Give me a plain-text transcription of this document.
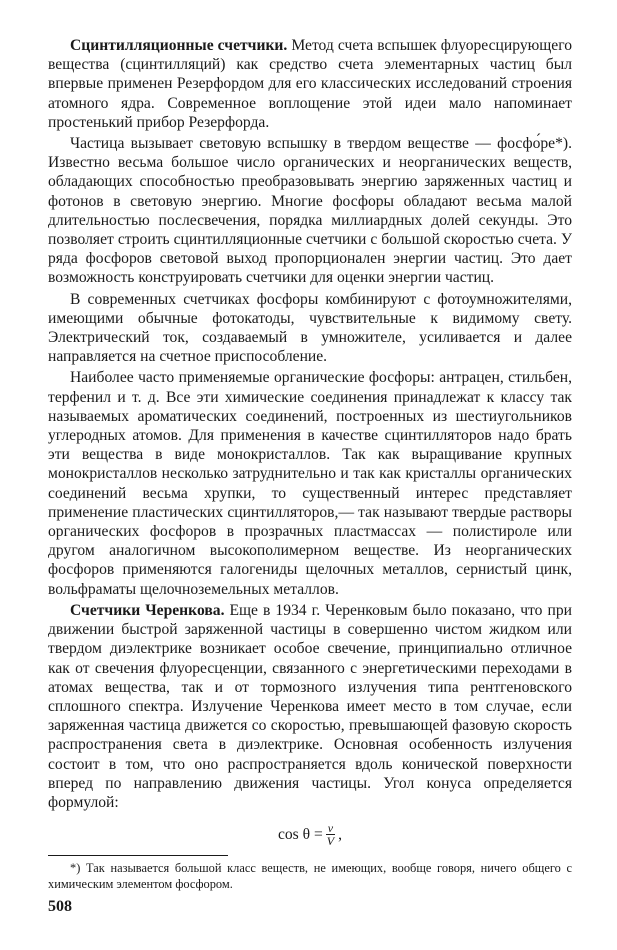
Сцинтилляционные счетчики. Метод счета вспышек флуоресцирующего вещества (сцинтилляций) как средство счета элементарных частиц был впервые применен Резерфордом для его классических исследований строения атомного ядра. Современное воплощение этой идеи мало напоминает простенький прибор Резерфорда.

Частица вызывает световую вспышку в твердом веществе — фосфо́ре*). Известно весьма большое число органических и неорганических веществ, обладающих способностью преобразовывать энергию заряженных частиц и фотонов в световую энергию. Многие фосфоры обладают весьма малой длительностью послесвечения, порядка миллиардных долей секунды. Это позволяет строить сцинтилляционные счетчики с большой скоростью счета. У ряда фосфоров световой выход пропорционален энергии частиц. Это дает возможность конструировать счетчики для оценки энергии частиц.

В современных счетчиках фосфоры комбинируют с фотоумножителями, имеющими обычные фотокатоды, чувствительные к видимому свету. Электрический ток, создаваемый в умножителе, усиливается и далее направляется на счетное приспособление.

Наиболее часто применяемые органические фосфоры: антрацен, стильбен, терфенил и т. д. Все эти химические соединения принадлежат к классу так называемых ароматических соединений, построенных из шестиугольников углеродных атомов. Для применения в качестве сцинтилляторов надо брать эти вещества в виде монокристаллов. Так как выращивание крупных монокристаллов несколько затруднительно и так как кристаллы органических соединений весьма хрупки, то существенный интерес представляет применение пластических сцинтилляторов,— так называют твердые растворы органических фосфоров в прозрачных пластмассах — полистироле или другом аналогичном высокополимерном веществе. Из неорганических фосфоров применяются галогениды щелочных металлов, сернистый цинк, вольфраматы щелочноземельных металлов.

Счетчики Черенкова. Еще в 1934 г. Черенковым было показано, что при движении быстрой заряженной частицы в совершенно чистом жидком или твердом диэлектрике возникает особое свечение, принципиально отличное как от свечения флуоресценции, связанного с энергетическими переходами в атомах вещества, так и от тормозного излучения типа рентгеновского сплошного спектра. Излучение Черенкова имеет место в том случае, если заряженная частица движется со скоростью, превышающей фазовую скорость распространения света в диэлектрике. Основная особенность излучения состоит в том, что оно распространяется вдоль конической поверхности вперед по направлению движения частицы. Угол конуса определяется формулой:

$\cos \theta = \frac{v}{V}$ ,

*) Так называется большой класс веществ, не имеющих, вообще говоря, ничего общего с химическим элементом фосфором.

508
